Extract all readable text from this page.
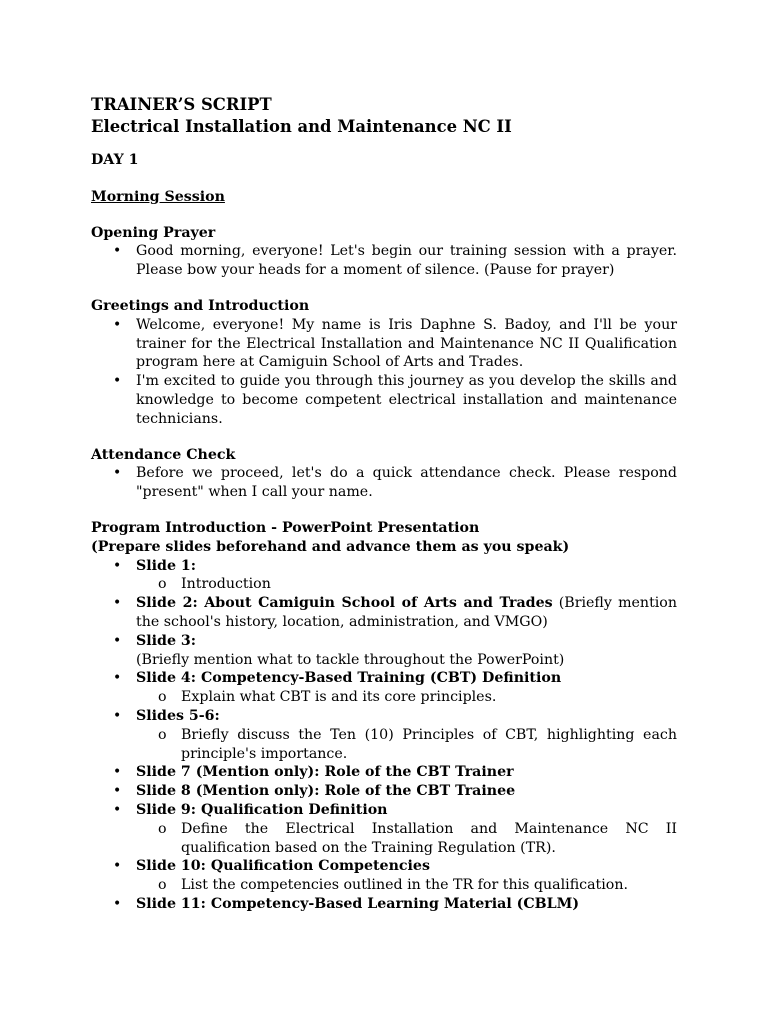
TRAINER’S SCRIPT
Electrical Installation and Maintenance NC II
DAY 1
Morning Session
Opening Prayer
• Good morning, everyone! Let's begin our training session with a prayer. Please bow your heads for a moment of silence. (Pause for prayer)
Greetings and Introduction
• Welcome, everyone! My name is Iris Daphne S. Badoy, and I'll be your trainer for the Electrical Installation and Maintenance NC II Qualification program here at Camiguin School of Arts and Trades.
• I'm excited to guide you through this journey as you develop the skills and knowledge to become competent electrical installation and maintenance technicians.
Attendance Check
• Before we proceed, let's do a quick attendance check. Please respond "present" when I call your name.
Program Introduction - PowerPoint Presentation
(Prepare slides beforehand and advance them as you speak)
• Slide 1:
o Introduction
• Slide 2: About Camiguin School of Arts and Trades (Briefly mention the school's history, location, administration, and VMGO)
• Slide 3:
(Briefly mention what to tackle throughout the PowerPoint)
• Slide 4: Competency-Based Training (CBT) Definition
o Explain what CBT is and its core principles.
• Slides 5-6:
o Briefly discuss the Ten (10) Principles of CBT, highlighting each principle's importance.
• Slide 7 (Mention only): Role of the CBT Trainer
• Slide 8 (Mention only): Role of the CBT Trainee
• Slide 9: Qualification Definition
o Define the Electrical Installation and Maintenance NC II qualification based on the Training Regulation (TR).
• Slide 10: Qualification Competencies
o List the competencies outlined in the TR for this qualification.
• Slide 11: Competency-Based Learning Material (CBLM)
